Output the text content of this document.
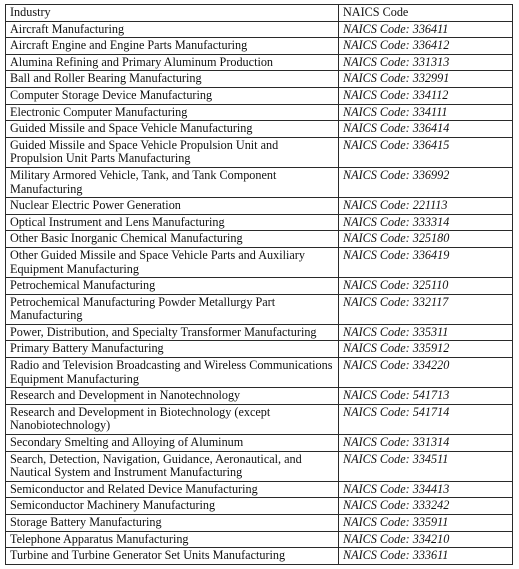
Industry	NAICS Code
Aircraft Manufacturing	NAICS Code: 336411
Aircraft Engine and Engine Parts Manufacturing	NAICS Code: 336412
Alumina Refining and Primary Aluminum Production	NAICS Code: 331313
Ball and Roller Bearing Manufacturing	NAICS Code: 332991
Computer Storage Device Manufacturing	NAICS Code: 334112
Electronic Computer Manufacturing	NAICS Code: 334111
Guided Missile and Space Vehicle Manufacturing	NAICS Code: 336414
Guided Missile and Space Vehicle Propulsion Unit and Propulsion Unit Parts Manufacturing	NAICS Code: 336415
Military Armored Vehicle, Tank, and Tank Component Manufacturing	NAICS Code: 336992
Nuclear Electric Power Generation	NAICS Code: 221113
Optical Instrument and Lens Manufacturing	NAICS Code: 333314
Other Basic Inorganic Chemical Manufacturing	NAICS Code: 325180
Other Guided Missile and Space Vehicle Parts and Auxiliary Equipment Manufacturing	NAICS Code: 336419
Petrochemical Manufacturing	NAICS Code: 325110
Petrochemical Manufacturing Powder Metallurgy Part Manufacturing	NAICS Code: 332117
Power, Distribution, and Specialty Transformer Manufacturing	NAICS Code: 335311
Primary Battery Manufacturing	NAICS Code: 335912
Radio and Television Broadcasting and Wireless Communications Equipment Manufacturing	NAICS Code: 334220
Research and Development in Nanotechnology	NAICS Code: 541713
Research and Development in Biotechnology (except Nanobiotechnology)	NAICS Code: 541714
Secondary Smelting and Alloying of Aluminum	NAICS Code: 331314
Search, Detection, Navigation, Guidance, Aeronautical, and Nautical System and Instrument Manufacturing	NAICS Code: 334511
Semiconductor and Related Device Manufacturing	NAICS Code: 334413
Semiconductor Machinery Manufacturing	NAICS Code: 333242
Storage Battery Manufacturing	NAICS Code: 335911
Telephone Apparatus Manufacturing	NAICS Code: 334210
Turbine and Turbine Generator Set Units Manufacturing	NAICS Code: 333611
